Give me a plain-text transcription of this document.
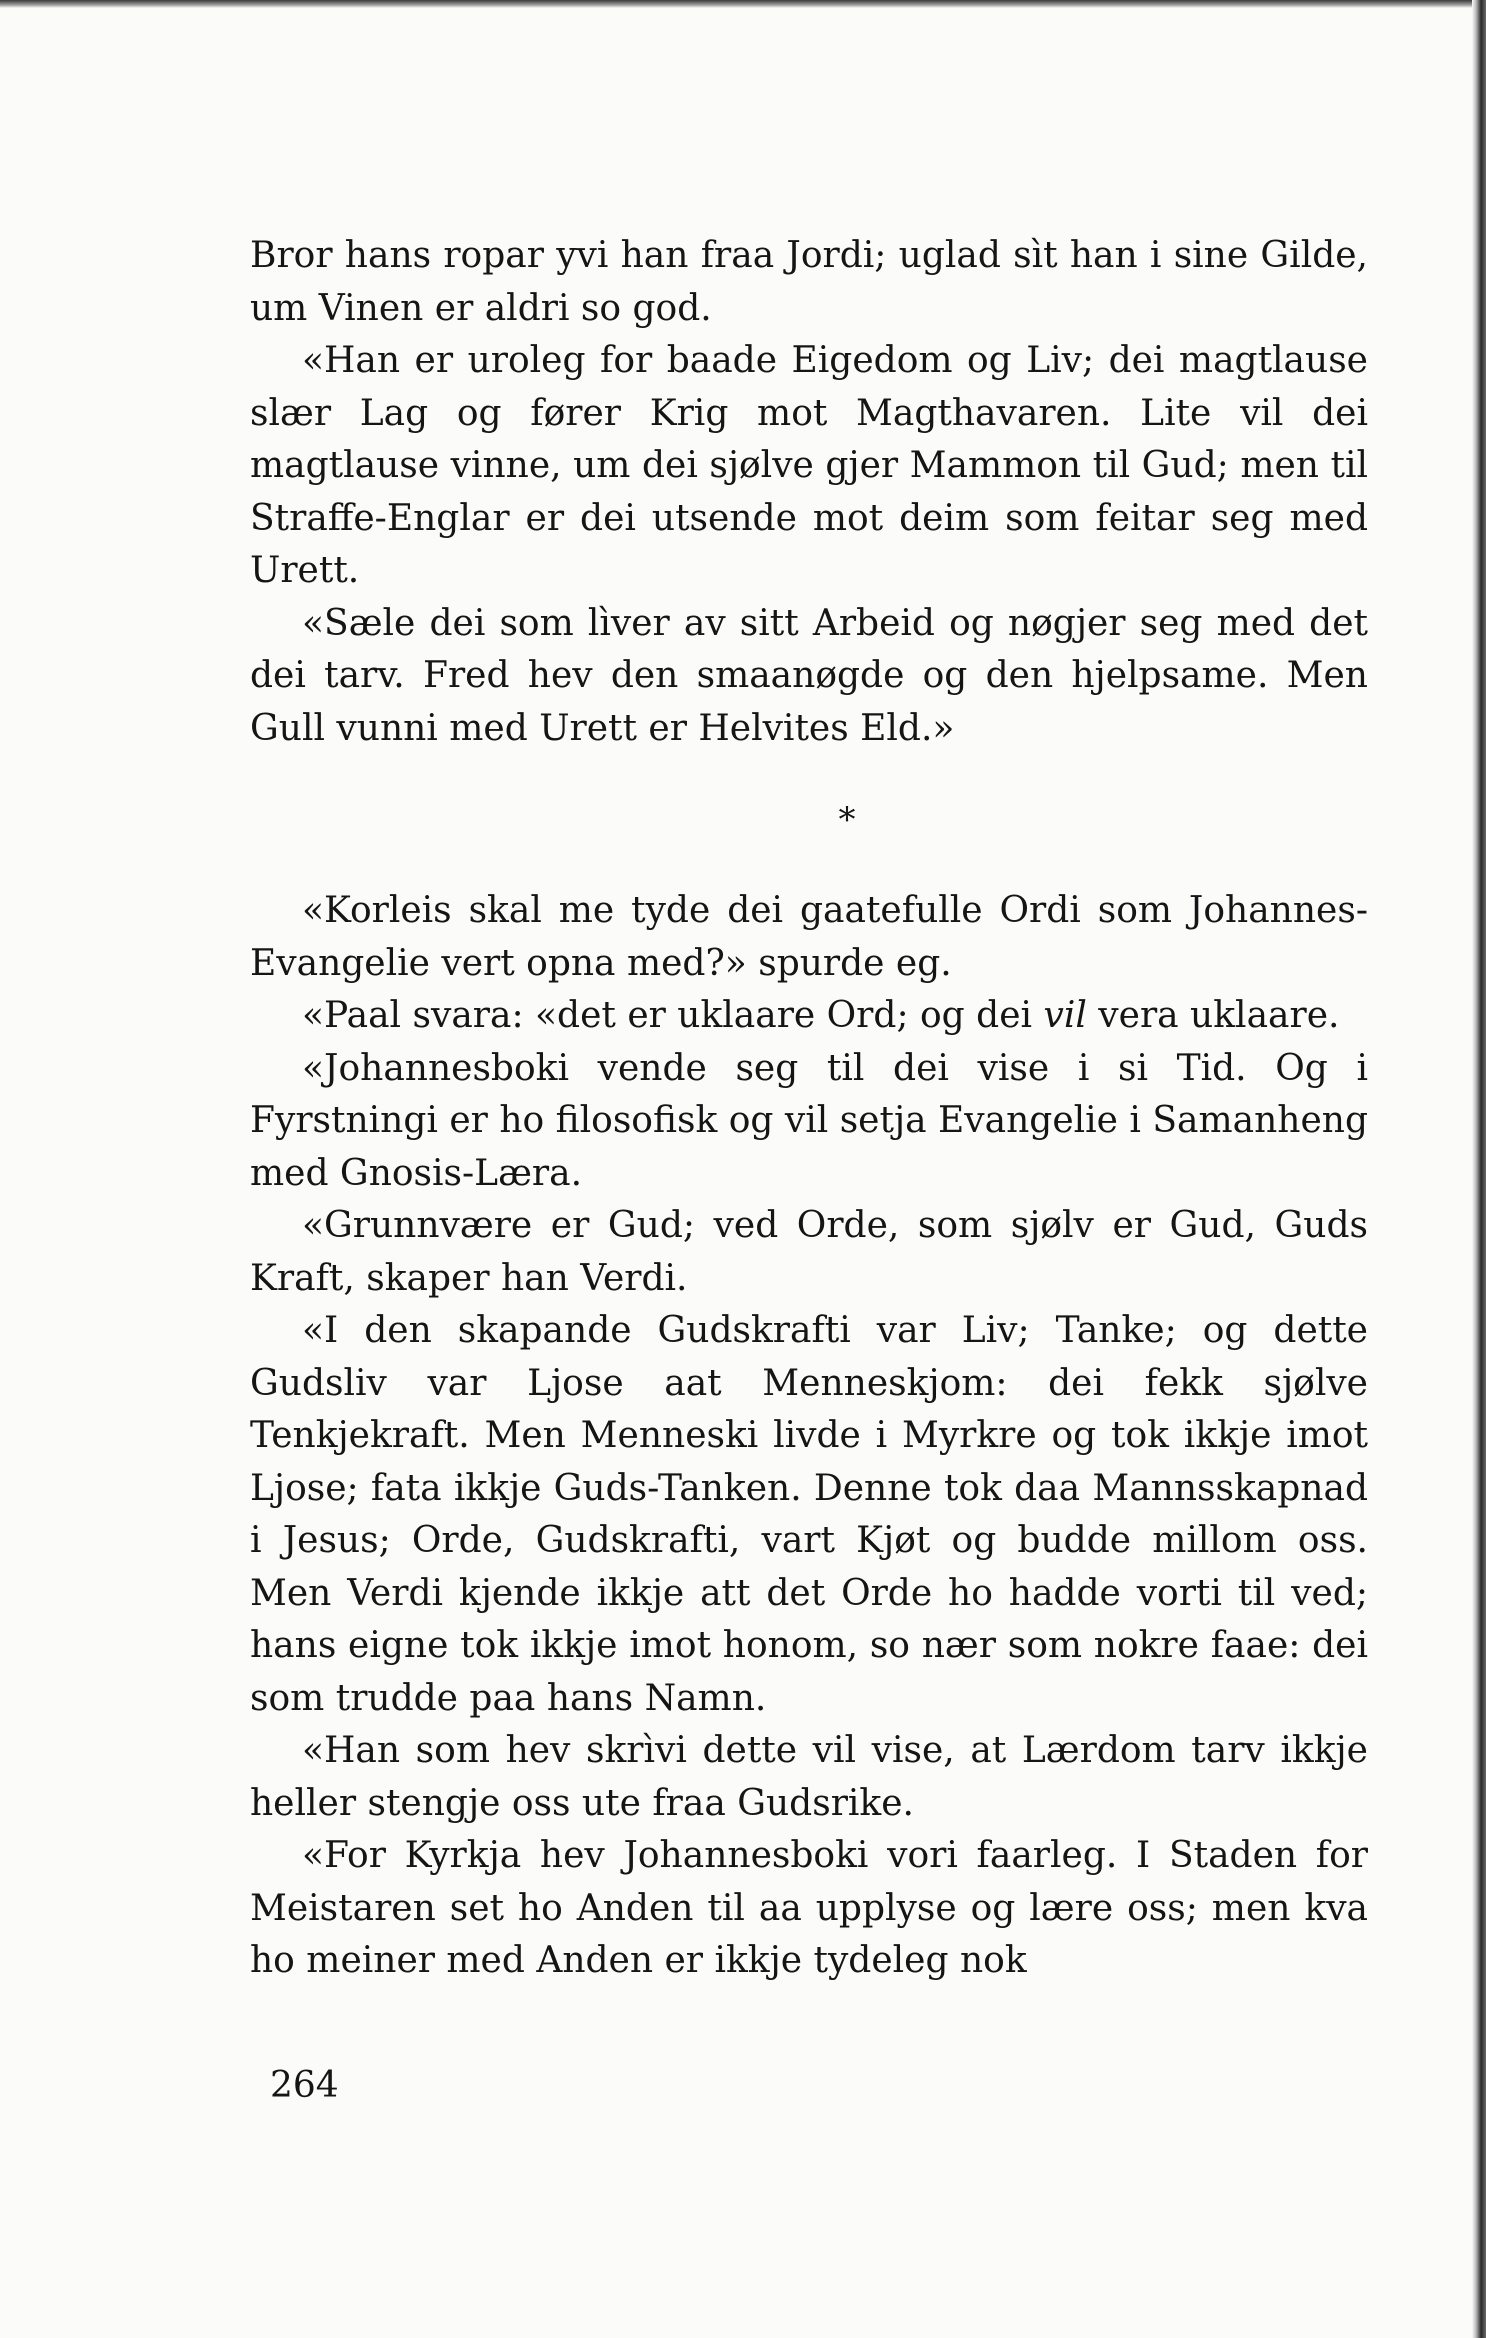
Bror hans ropar yvi han fraa Jordi; uglad sìt han i sine Gilde, um Vinen er aldri so god.

«Han er uroleg for baade Eigedom og Liv; dei magtlause slær Lag og fører Krig mot Magthavaren. Lite vil dei magtlause vinne, um dei sjølve gjer Mammon til Gud; men til Straffe-Englar er dei utsende mot deim som feitar seg med Urett.

«Sæle dei som lìver av sitt Arbeid og nøgjer seg med det dei tarv. Fred hev den smaanøgde og den hjelpsame. Men Gull vunni med Urett er Helvites Eld.»

*

«Korleis skal me tyde dei gaatefulle Ordi som Johannes-Evangelie vert opna med?» spurde eg.

«Paal svara: «det er uklaare Ord; og dei vil vera uklaare.

«Johannesboki vende seg til dei vise i si Tid. Og i Fyrstningi er ho filosofisk og vil setja Evangelie i Samanheng med Gnosis-Læra.

«Grunnvære er Gud; ved Orde, som sjølv er Gud, Guds Kraft, skaper han Verdi.

«I den skapande Gudskrafti var Liv; Tanke; og dette Gudsliv var Ljose aat Menneskjom: dei fekk sjølve Tenkjekraft. Men Menneski livde i Myrkre og tok ikkje imot Ljose; fata ikkje Guds-Tanken. Denne tok daa Mannsskapnad i Jesus; Orde, Gudskrafti, vart Kjøt og budde millom oss. Men Verdi kjende ikkje att det Orde ho hadde vorti til ved; hans eigne tok ikkje imot honom, so nær som nokre faae: dei som trudde paa hans Namn.

«Han som hev skrìvi dette vil vise, at Lærdom tarv ikkje heller stengje oss ute fraa Gudsrike.

«For Kyrkja hev Johannesboki vori faarleg. I Staden for Meistaren set ho Anden til aa upplyse og lære oss; men kva ho meiner med Anden er ikkje tydeleg nok

264
